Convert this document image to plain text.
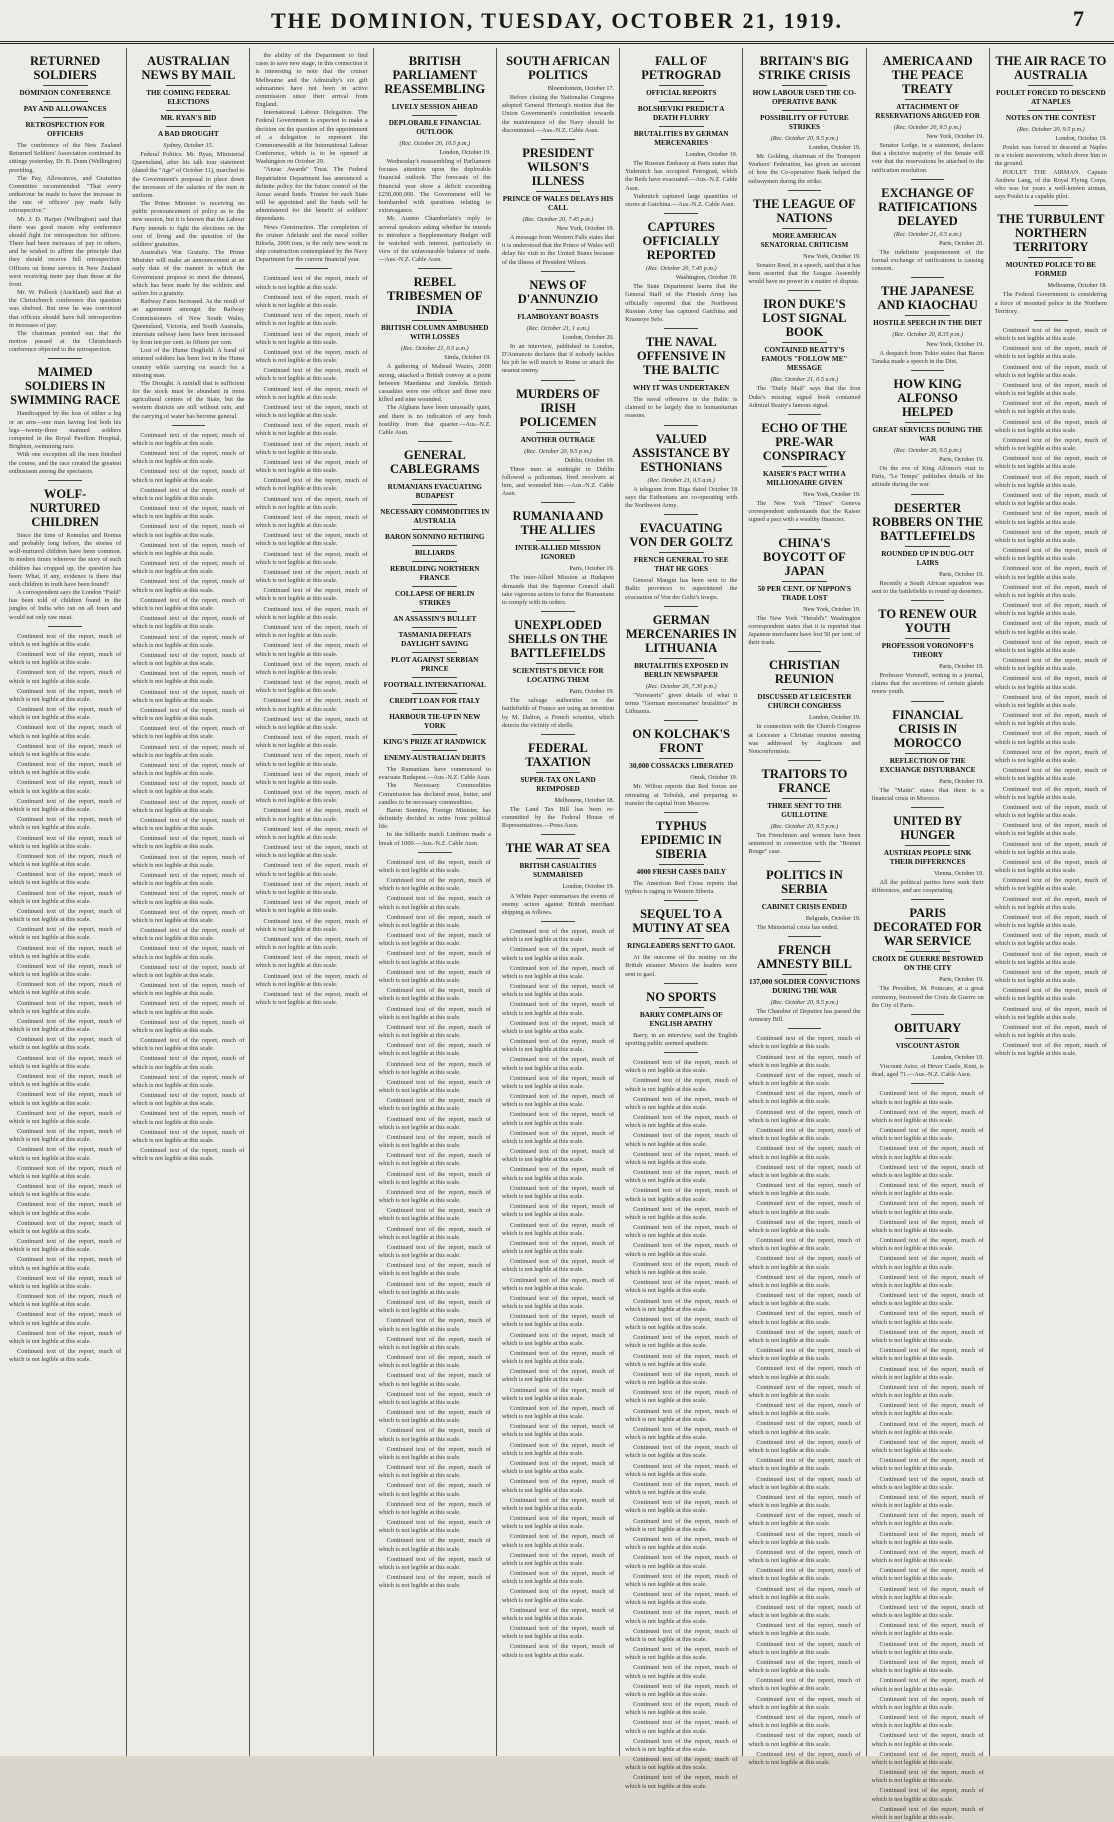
THE DOMINION, TUESDAY, OCTOBER 21, 1919.	7
RETURNED SOLDIERS
DOMINION CONFERENCE
PAY AND ALLOWANCES
RETROSPECTION FOR OFFICERS
The conference of the New Zealand Returned Soldiers' Association continued its sittings yesterday, Dr. B. Dunn (Wellington) presiding.
The Pay, Allowances, and Gratuities Committee recommended: "That every endeavour be made to have the increase in the rate of officers' pay made fully retrospective."
Mr. J. D. Harper (Wellington) said that there was good reason why conference should fight for retrospection for officers. There had been increases of pay to others, and he wished to affirm the principle that they should receive full retrospection. Officers on home service in New Zealand were receiving more pay than those at the front.
Mr. W. Pollock (Auckland) said that at the Christchurch conference this question was shelved. But now he was convinced that officers should have full retrospection in increases of pay.
The chairman pointed out that the motion passed at the Christchurch conference objected to the retrospection.
MAIMED SOLDIERS IN SWIMMING RACE
Handicapped by the loss of either a leg or an arm—one man having lost both his legs—twenty-three maimed soldiers competed in the Royal Pavilion Hospital, Brighton, swimming race.
With one exception all the men finished the course, and the race created the greatest enthusiasm among the spectators.
WOLF-NURTURED CHILDREN
Since the time of Romulus and Remus and probably long before, the stories of wolf-nurtured children have been common. In modern times wherever the story of such children has cropped up, the question has been: What, if any, evidence is there that such children in truth have been found?
A correspondent says the London "Field" has been told of children found in the jungles of India who ran on all fours and would eat only raw meat.
Continued text of the report, much of which is not legible at this scale.
Continued text of the report, much of which is not legible at this scale.
Continued text of the report, much of which is not legible at this scale.
Continued text of the report, much of which is not legible at this scale.
Continued text of the report, much of which is not legible at this scale.
Continued text of the report, much of which is not legible at this scale.
Continued text of the report, much of which is not legible at this scale.
Continued text of the report, much of which is not legible at this scale.
Continued text of the report, much of which is not legible at this scale.
Continued text of the report, much of which is not legible at this scale.
Continued text of the report, much of which is not legible at this scale.
Continued text of the report, much of which is not legible at this scale.
Continued text of the report, much of which is not legible at this scale.
Continued text of the report, much of which is not legible at this scale.
Continued text of the report, much of which is not legible at this scale.
Continued text of the report, much of which is not legible at this scale.
Continued text of the report, much of which is not legible at this scale.
Continued text of the report, much of which is not legible at this scale.
Continued text of the report, much of which is not legible at this scale.
Continued text of the report, much of which is not legible at this scale.
Continued text of the report, much of which is not legible at this scale.
Continued text of the report, much of which is not legible at this scale.
Continued text of the report, much of which is not legible at this scale.
Continued text of the report, much of which is not legible at this scale.
Continued text of the report, much of which is not legible at this scale.
Continued text of the report, much of which is not legible at this scale.
Continued text of the report, much of which is not legible at this scale.
Continued text of the report, much of which is not legible at this scale.
Continued text of the report, much of which is not legible at this scale.
Continued text of the report, much of which is not legible at this scale.
Continued text of the report, much of which is not legible at this scale.
Continued text of the report, much of which is not legible at this scale.
Continued text of the report, much of which is not legible at this scale.
Continued text of the report, much of which is not legible at this scale.
Continued text of the report, much of which is not legible at this scale.
Continued text of the report, much of which is not legible at this scale.
Continued text of the report, much of which is not legible at this scale.
Continued text of the report, much of which is not legible at this scale.
Continued text of the report, much of which is not legible at this scale.
Continued text of the report, much of which is not legible at this scale.
AUSTRALIAN NEWS BY MAIL
THE COMING FEDERAL ELECTIONS
MR. RYAN'S BID
A BAD DROUGHT
Sydney, October 15.
Federal Politics. Mr. Ryan, Ministerial Queensland, after his talk tour statement (dated the "Age" of October 11), marched to the Government's proposal to place down the increases of the salaries of the men in uniform.
The Prime Minister is receiving no public pronouncement of policy as to the new session, but it is known that the Labour Party intends to fight the elections on the cost of living and the question of the soldiers' gratuities.
Australia's War Gratuity. The Prime Minister will make an announcement at an early date of the manner in which the Government propose to meet the demand, which has been made by the soldiers and sailors for a gratuity.
Railway Fares Increased. As the result of an agreement amongst the Railway Commissioners of New South Wales, Queensland, Victoria, and South Australia, interstate railway fares have been increased by from ten per cent. to fifteen per cent.
Lost of the Hume Dogfield. A band of returned soldiers has been lost in the Hume country while carrying on search for a missing man.
The Drought. A rainfall that is sufficient for the stock must be abundant in most agricultural centres of the State, but the western districts are still without rain, and the carrying of water has become general.
Continued text of the report, much of which is not legible at this scale.
Continued text of the report, much of which is not legible at this scale.
Continued text of the report, much of which is not legible at this scale.
Continued text of the report, much of which is not legible at this scale.
Continued text of the report, much of which is not legible at this scale.
Continued text of the report, much of which is not legible at this scale.
Continued text of the report, much of which is not legible at this scale.
Continued text of the report, much of which is not legible at this scale.
Continued text of the report, much of which is not legible at this scale.
Continued text of the report, much of which is not legible at this scale.
Continued text of the report, much of which is not legible at this scale.
Continued text of the report, much of which is not legible at this scale.
Continued text of the report, much of which is not legible at this scale.
Continued text of the report, much of which is not legible at this scale.
Continued text of the report, much of which is not legible at this scale.
Continued text of the report, much of which is not legible at this scale.
Continued text of the report, much of which is not legible at this scale.
Continued text of the report, much of which is not legible at this scale.
Continued text of the report, much of which is not legible at this scale.
Continued text of the report, much of which is not legible at this scale.
Continued text of the report, much of which is not legible at this scale.
Continued text of the report, much of which is not legible at this scale.
Continued text of the report, much of which is not legible at this scale.
Continued text of the report, much of which is not legible at this scale.
Continued text of the report, much of which is not legible at this scale.
Continued text of the report, much of which is not legible at this scale.
Continued text of the report, much of which is not legible at this scale.
Continued text of the report, much of which is not legible at this scale.
Continued text of the report, much of which is not legible at this scale.
Continued text of the report, much of which is not legible at this scale.
Continued text of the report, much of which is not legible at this scale.
Continued text of the report, much of which is not legible at this scale.
Continued text of the report, much of which is not legible at this scale.
Continued text of the report, much of which is not legible at this scale.
Continued text of the report, much of which is not legible at this scale.
Continued text of the report, much of which is not legible at this scale.
Continued text of the report, much of which is not legible at this scale.
Continued text of the report, much of which is not legible at this scale.
Continued text of the report, much of which is not legible at this scale.
Continued text of the report, much of which is not legible at this scale.
the ability of the Department to find cases to save new stage, in this connection it is interesting to note that the cruiser Melbourne and the Admiralty's six gift submarines have not been in active commission since their arrival from England.
International Labour Delegation. The Federal Government is expected to make a decision on the question of the appointment of a delegation to represent the Commonwealth at the International Labour Conference, which is to be opened at Washington on October 29.
"Anzac Awards" Trust. The Federal Repatriation Department has announced a definite policy for the future control of the Anzac award funds. Trustee for each State will be appointed and the funds will be administered for the benefit of soldiers' dependants.
News Construction. The completion of the cruiser Adelaide and the naval collier Biloela, 2000 tons, is the only new work in ship construction contemplated by the Navy Department for the current financial year.
Continued text of the report, much of which is not legible at this scale.
Continued text of the report, much of which is not legible at this scale.
Continued text of the report, much of which is not legible at this scale.
Continued text of the report, much of which is not legible at this scale.
Continued text of the report, much of which is not legible at this scale.
Continued text of the report, much of which is not legible at this scale.
Continued text of the report, much of which is not legible at this scale.
Continued text of the report, much of which is not legible at this scale.
Continued text of the report, much of which is not legible at this scale.
Continued text of the report, much of which is not legible at this scale.
Continued text of the report, much of which is not legible at this scale.
Continued text of the report, much of which is not legible at this scale.
Continued text of the report, much of which is not legible at this scale.
Continued text of the report, much of which is not legible at this scale.
Continued text of the report, much of which is not legible at this scale.
Continued text of the report, much of which is not legible at this scale.
Continued text of the report, much of which is not legible at this scale.
Continued text of the report, much of which is not legible at this scale.
Continued text of the report, much of which is not legible at this scale.
Continued text of the report, much of which is not legible at this scale.
Continued text of the report, much of which is not legible at this scale.
Continued text of the report, much of which is not legible at this scale.
Continued text of the report, much of which is not legible at this scale.
Continued text of the report, much of which is not legible at this scale.
Continued text of the report, much of which is not legible at this scale.
Continued text of the report, much of which is not legible at this scale.
Continued text of the report, much of which is not legible at this scale.
Continued text of the report, much of which is not legible at this scale.
Continued text of the report, much of which is not legible at this scale.
Continued text of the report, much of which is not legible at this scale.
Continued text of the report, much of which is not legible at this scale.
Continued text of the report, much of which is not legible at this scale.
Continued text of the report, much of which is not legible at this scale.
Continued text of the report, much of which is not legible at this scale.
Continued text of the report, much of which is not legible at this scale.
Continued text of the report, much of which is not legible at this scale.
Continued text of the report, much of which is not legible at this scale.
Continued text of the report, much of which is not legible at this scale.
Continued text of the report, much of which is not legible at this scale.
Continued text of the report, much of which is not legible at this scale.
BRITISH PARLIAMENT REASSEMBLING
LIVELY SESSION AHEAD
DEPLORABLE FINANCIAL OUTLOOK
(Rec. October 20, 10.5 p.m.)
London, October 19.
Wednesday's reassembling of Parliament focuses attention upon the deplorable financial outlook. The forecasts of the financial year show a deficit exceeding £250,000,000. The Government will be bombarded with questions relating to extravagance.
Mr. Austen Chamberlain's reply to several speakers asking whether he intends to introduce a Supplementary Budget will be watched with interest, particularly in view of the unfavourable balance of trade.—Aus.-N.Z. Cable Assn.
REBEL TRIBESMEN OF INDIA
BRITISH COLUMN AMBUSHED WITH LOSSES
(Rec. October 21, 0.5 a.m.)
Simla, October 19.
A gathering of Mahsud Wazirs, 2000 strong, attacked a British convoy at a point between Mandanna and Jandola. British casualties were one officer and three men killed and nine wounded.
The Afghans have been unusually quiet, and there is no indication of any fresh hostility from that quarter.—Aus.-N.Z. Cable Assn.
GENERAL CABLEGRAMS
RUMANIANS EVACUATING BUDAPEST
NECESSARY COMMODITIES IN AUSTRALIA
BARON SONNINO RETIRING
BILLIARDS
REBUILDING NORTHERN FRANCE
COLLAPSE OF BERLIN STRIKES
AN ASSASSIN'S BULLET
TASMANIA DEFEATS DAYLIGHT SAVING
PLOT AGAINST SERBIAN PRINCE
FOOTBALL INTERNATIONAL
CREDIT LOAN FOR ITALY
HARBOUR TIE-UP IN NEW YORK
KING'S PRIZE AT RANDWICK
ENEMY-AUSTRALIAN DEBTS
The Rumanians have commenced to evacuate Budapest.—Aus.-N.Z. Cable Assn.
The Necessary Commodities Commission has declared meat, butter, and candles to be necessary commodities.
Baron Sonnino, Foreign Minister, has definitely decided to retire from political life.
In the billiards match Lindrum made a break of 1000.—Aus.-N.Z. Cable Assn.
Continued text of the report, much of which is not legible at this scale.
Continued text of the report, much of which is not legible at this scale.
Continued text of the report, much of which is not legible at this scale.
Continued text of the report, much of which is not legible at this scale.
Continued text of the report, much of which is not legible at this scale.
Continued text of the report, much of which is not legible at this scale.
Continued text of the report, much of which is not legible at this scale.
Continued text of the report, much of which is not legible at this scale.
Continued text of the report, much of which is not legible at this scale.
Continued text of the report, much of which is not legible at this scale.
Continued text of the report, much of which is not legible at this scale.
Continued text of the report, much of which is not legible at this scale.
Continued text of the report, much of which is not legible at this scale.
Continued text of the report, much of which is not legible at this scale.
Continued text of the report, much of which is not legible at this scale.
Continued text of the report, much of which is not legible at this scale.
Continued text of the report, much of which is not legible at this scale.
Continued text of the report, much of which is not legible at this scale.
Continued text of the report, much of which is not legible at this scale.
Continued text of the report, much of which is not legible at this scale.
Continued text of the report, much of which is not legible at this scale.
Continued text of the report, much of which is not legible at this scale.
Continued text of the report, much of which is not legible at this scale.
Continued text of the report, much of which is not legible at this scale.
Continued text of the report, much of which is not legible at this scale.
Continued text of the report, much of which is not legible at this scale.
Continued text of the report, much of which is not legible at this scale.
Continued text of the report, much of which is not legible at this scale.
Continued text of the report, much of which is not legible at this scale.
Continued text of the report, much of which is not legible at this scale.
Continued text of the report, much of which is not legible at this scale.
Continued text of the report, much of which is not legible at this scale.
Continued text of the report, much of which is not legible at this scale.
Continued text of the report, much of which is not legible at this scale.
Continued text of the report, much of which is not legible at this scale.
Continued text of the report, much of which is not legible at this scale.
Continued text of the report, much of which is not legible at this scale.
Continued text of the report, much of which is not legible at this scale.
Continued text of the report, much of which is not legible at this scale.
Continued text of the report, much of which is not legible at this scale.
SOUTH AFRICAN POLITICS
Bloemfontein, October 17.
Before closing the Nationalist Congress adopted General Hertzog's motion that the Union Government's contribution towards the maintenance of the Navy should be discontinued.—Aus.-N.Z. Cable Assn.
PRESIDENT WILSON'S ILLNESS
PRINCE OF WALES DELAYS HIS CALL
(Rec. October 20, 7.45 p.m.)
New York, October 19.
A message from Western Falls states that it is understood that the Prince of Wales will delay his visit to the United States because of the illness of President Wilson.
NEWS OF D'ANNUNZIO
FLAMBOYANT BOASTS
(Rec. October 21, 1 a.m.)
London, October 20.
In an interview, published in London, D'Annunzio declares that if nobody tackles his job he will march to Rome or attack the nearest enemy.
MURDERS OF IRISH POLICEMEN
ANOTHER OUTRAGE
(Rec. October 20, 9.5 p.m.)
Dublin, October 19.
Three men at midnight in Dublin followed a policeman, fired revolvers at him, and wounded him.—Aus.-N.Z. Cable Assn.
RUMANIA AND THE ALLIES
INTER-ALLIED MISSION IGNORED
Paris, October 19.
The inter-Allied Mission at Budapest demands that the Supreme Council shall take vigorous action to force the Rumanians to comply with its orders.
UNEXPLODED SHELLS ON THE BATTLEFIELDS
SCIENTIST'S DEVICE FOR LOCATING THEM
Paris, October 19.
The salvage authorities on the battlefields of France are using an invention by M. Dalton, a French scientist, which detects the vicinity of shells.
FEDERAL TAXATION
SUPER-TAX ON LAND REIMPOSED
Melbourne, October 18.
The Land Tax Bill has been re-committed by the Federal House of Representatives.—Press Assn.
THE WAR AT SEA
BRITISH CASUALTIES SUMMARISED
London, October 19.
A White Paper summarises the events of enemy action against British merchant shipping as follows.
Continued text of the report, much of which is not legible at this scale.
Continued text of the report, much of which is not legible at this scale.
Continued text of the report, much of which is not legible at this scale.
Continued text of the report, much of which is not legible at this scale.
Continued text of the report, much of which is not legible at this scale.
Continued text of the report, much of which is not legible at this scale.
Continued text of the report, much of which is not legible at this scale.
Continued text of the report, much of which is not legible at this scale.
Continued text of the report, much of which is not legible at this scale.
Continued text of the report, much of which is not legible at this scale.
Continued text of the report, much of which is not legible at this scale.
Continued text of the report, much of which is not legible at this scale.
Continued text of the report, much of which is not legible at this scale.
Continued text of the report, much of which is not legible at this scale.
Continued text of the report, much of which is not legible at this scale.
Continued text of the report, much of which is not legible at this scale.
Continued text of the report, much of which is not legible at this scale.
Continued text of the report, much of which is not legible at this scale.
Continued text of the report, much of which is not legible at this scale.
Continued text of the report, much of which is not legible at this scale.
Continued text of the report, much of which is not legible at this scale.
Continued text of the report, much of which is not legible at this scale.
Continued text of the report, much of which is not legible at this scale.
Continued text of the report, much of which is not legible at this scale.
Continued text of the report, much of which is not legible at this scale.
Continued text of the report, much of which is not legible at this scale.
Continued text of the report, much of which is not legible at this scale.
Continued text of the report, much of which is not legible at this scale.
Continued text of the report, much of which is not legible at this scale.
Continued text of the report, much of which is not legible at this scale.
Continued text of the report, much of which is not legible at this scale.
Continued text of the report, much of which is not legible at this scale.
Continued text of the report, much of which is not legible at this scale.
Continued text of the report, much of which is not legible at this scale.
Continued text of the report, much of which is not legible at this scale.
Continued text of the report, much of which is not legible at this scale.
Continued text of the report, much of which is not legible at this scale.
Continued text of the report, much of which is not legible at this scale.
Continued text of the report, much of which is not legible at this scale.
Continued text of the report, much of which is not legible at this scale.
FALL OF PETROGRAD
OFFICIAL REPORTS
BOLSHEVIKI PREDICT A DEATH FLURRY
BRUTALITIES BY GERMAN MERCENARIES
London, October 19.
The Russian Embassy at Paris states that Yudenitch has occupied Petrograd, which the Reds have evacuated.—Aus.-N.Z. Cable Assn.
Yudenitch captured large quantities of stores at Gatchina.—Aus.-N.Z. Cable Assn.
CAPTURES OFFICIALLY REPORTED
(Rec. October 20, 7.45 p.m.)
Washington, October 19.
The State Department learns that the General Staff of the Finnish Army has officially reported that the Northwest Russian Army has captured Gatchina and Krasnoye Selo.
THE NAVAL OFFENSIVE IN THE BALTIC
WHY IT WAS UNDERTAKEN
The naval offensive in the Baltic is claimed to be largely due to humanitarian reasons.
VALUED ASSISTANCE BY ESTHONIANS
(Rec. October 21, 0.5 a.m.)
A telegram from Riga dated October 18 says the Esthonians are co-operating with the Northwest Army.
EVACUATING VON DER GOLTZ
FRENCH GENERAL TO SEE THAT HE GOES
General Mangin has been sent to the Baltic provinces to superintend the evacuation of Von der Goltz's troops.
GERMAN MERCENARIES IN LITHUANIA
BRUTALITIES EXPOSED IN BERLIN NEWSPAPER
(Rec. October 20, 7.30 p.m.)
"Vorwaerts" gives details of what it terms "German mercenaries' brutalities" in Lithuania.
ON KOLCHAK'S FRONT
30,000 COSSACKS LIBERATED
Omsk, October 19.
Mr. Wilton reports that Red forces are retreating at Tobolsk, and preparing to transfer the capital from Moscow.
TYPHUS EPIDEMIC IN SIBERIA
4000 FRESH CASES DAILY
The American Red Cross reports that typhus is raging in Western Siberia.
SEQUEL TO A MUTINY AT SEA
RINGLEADERS SENT TO GAOL
At the outcome of the mutiny on the British steamer Mexico the leaders were sent to gaol.
NO SPORTS
BARRY COMPLAINS OF ENGLISH APATHY
Barry, in an interview, said the English sporting public seemed apathetic.
Continued text of the report, much of which is not legible at this scale.
Continued text of the report, much of which is not legible at this scale.
Continued text of the report, much of which is not legible at this scale.
Continued text of the report, much of which is not legible at this scale.
Continued text of the report, much of which is not legible at this scale.
Continued text of the report, much of which is not legible at this scale.
Continued text of the report, much of which is not legible at this scale.
Continued text of the report, much of which is not legible at this scale.
Continued text of the report, much of which is not legible at this scale.
Continued text of the report, much of which is not legible at this scale.
Continued text of the report, much of which is not legible at this scale.
Continued text of the report, much of which is not legible at this scale.
Continued text of the report, much of which is not legible at this scale.
Continued text of the report, much of which is not legible at this scale.
Continued text of the report, much of which is not legible at this scale.
Continued text of the report, much of which is not legible at this scale.
Continued text of the report, much of which is not legible at this scale.
Continued text of the report, much of which is not legible at this scale.
Continued text of the report, much of which is not legible at this scale.
Continued text of the report, much of which is not legible at this scale.
Continued text of the report, much of which is not legible at this scale.
Continued text of the report, much of which is not legible at this scale.
Continued text of the report, much of which is not legible at this scale.
Continued text of the report, much of which is not legible at this scale.
Continued text of the report, much of which is not legible at this scale.
Continued text of the report, much of which is not legible at this scale.
Continued text of the report, much of which is not legible at this scale.
Continued text of the report, much of which is not legible at this scale.
Continued text of the report, much of which is not legible at this scale.
Continued text of the report, much of which is not legible at this scale.
Continued text of the report, much of which is not legible at this scale.
Continued text of the report, much of which is not legible at this scale.
Continued text of the report, much of which is not legible at this scale.
Continued text of the report, much of which is not legible at this scale.
Continued text of the report, much of which is not legible at this scale.
Continued text of the report, much of which is not legible at this scale.
Continued text of the report, much of which is not legible at this scale.
Continued text of the report, much of which is not legible at this scale.
Continued text of the report, much of which is not legible at this scale.
Continued text of the report, much of which is not legible at this scale.
BRITAIN'S BIG STRIKE CRISIS
HOW LABOUR USED THE CO-OPERATIVE BANK
POSSIBILITY OF FUTURE STRIKES
(Rec. October 20, 9.5 p.m.)
London, October 19.
Mr. Golding, chairman of the Transport Workers' Federation, has given an account of how the Co-operative Bank helped the railwaymen during the strike.
THE LEAGUE OF NATIONS
MORE AMERICAN SENATORIAL CRITICISM
New York, October 19.
Senator Reed, in a speech, said that it has been asserted that the League Assembly would have no power in a matter of dispute.
IRON DUKE'S LOST SIGNAL BOOK
CONTAINED BEATTY'S FAMOUS "FOLLOW ME" MESSAGE
(Rec. October 21, 0.5 a.m.)
The "Daily Mail" says that the Iron Duke's missing signal book contained Admiral Beatty's famous signal.
ECHO OF THE PRE-WAR CONSPIRACY
KAISER'S PACT WITH A MILLIONAIRE GIVEN
New York, October 19.
The New York "Times" Geneva correspondent understands that the Kaiser signed a pact with a wealthy financier.
CHINA'S BOYCOTT OF JAPAN
50 PER CENT. OF NIPPON'S TRADE LOST
New York, October 19.
The New York "Herald's" Washington correspondent states that it is reported that Japanese merchants have lost 50 per cent. of their trade.
CHRISTIAN REUNION
DISCUSSED AT LEICESTER CHURCH CONGRESS
London, October 19.
In connection with the Church Congress at Leicester a Christian reunion meeting was addressed by Anglicans and Nonconformists.
TRAITORS TO FRANCE
THREE SENT TO THE GUILLOTINE
(Rec. October 20, 9.5 p.m.)
Ten Frenchmen and women have been sentenced in connection with the "Bonnet Rouge" case.
POLITICS IN SERBIA
CABINET CRISIS ENDED
Belgrade, October 19.
The Ministerial crisis has ended.
FRENCH AMNESTY BILL
137,000 SOLDIER CONVICTIONS DURING THE WAR
(Rec. October 20, 9.5 p.m.)
The Chamber of Deputies has passed the Amnesty Bill.
Continued text of the report, much of which is not legible at this scale.
Continued text of the report, much of which is not legible at this scale.
Continued text of the report, much of which is not legible at this scale.
Continued text of the report, much of which is not legible at this scale.
Continued text of the report, much of which is not legible at this scale.
Continued text of the report, much of which is not legible at this scale.
Continued text of the report, much of which is not legible at this scale.
Continued text of the report, much of which is not legible at this scale.
Continued text of the report, much of which is not legible at this scale.
Continued text of the report, much of which is not legible at this scale.
Continued text of the report, much of which is not legible at this scale.
Continued text of the report, much of which is not legible at this scale.
Continued text of the report, much of which is not legible at this scale.
Continued text of the report, much of which is not legible at this scale.
Continued text of the report, much of which is not legible at this scale.
Continued text of the report, much of which is not legible at this scale.
Continued text of the report, much of which is not legible at this scale.
Continued text of the report, much of which is not legible at this scale.
Continued text of the report, much of which is not legible at this scale.
Continued text of the report, much of which is not legible at this scale.
Continued text of the report, much of which is not legible at this scale.
Continued text of the report, much of which is not legible at this scale.
Continued text of the report, much of which is not legible at this scale.
Continued text of the report, much of which is not legible at this scale.
Continued text of the report, much of which is not legible at this scale.
Continued text of the report, much of which is not legible at this scale.
Continued text of the report, much of which is not legible at this scale.
Continued text of the report, much of which is not legible at this scale.
Continued text of the report, much of which is not legible at this scale.
Continued text of the report, much of which is not legible at this scale.
Continued text of the report, much of which is not legible at this scale.
Continued text of the report, much of which is not legible at this scale.
Continued text of the report, much of which is not legible at this scale.
Continued text of the report, much of which is not legible at this scale.
Continued text of the report, much of which is not legible at this scale.
Continued text of the report, much of which is not legible at this scale.
Continued text of the report, much of which is not legible at this scale.
Continued text of the report, much of which is not legible at this scale.
Continued text of the report, much of which is not legible at this scale.
Continued text of the report, much of which is not legible at this scale.
AMERICA AND THE PEACE TREATY
ATTACHMENT OF RESERVATIONS ARGUED FOR
(Rec. October 20, 9.5 p.m.)
New York, October 19.
Senator Lodge, in a statement, declares that a decisive majority of the Senate will vote that the reservations be attached to the ratification resolution.
EXCHANGE OF RATIFICATIONS DELAYED
(Rec. October 21, 0.5 a.m.)
Paris, October 20.
The indefinite postponement of the formal exchange of ratifications is causing concern.
THE JAPANESE AND KIAOCHAU
HOSTILE SPEECH IN THE DIET
(Rec. October 20, 8.35 p.m.)
New York, October 19.
A despatch from Tokio states that Baron Tanaka made a speech in the Diet.
HOW KING ALFONSO HELPED
GREAT SERVICES DURING THE WAR
(Rec. October 20, 9.5 p.m.)
Paris, October 19.
On the eve of King Alfonso's visit to Paris, "Le Temps" publishes details of his attitude during the war.
DESERTER ROBBERS ON THE BATTLEFIELDS
ROUNDED UP IN DUG-OUT LAIRS
Paris, October 19.
Recently a South African squadron was sent to the battlefields to round up deserters.
TO RENEW OUR YOUTH
PROFESSOR VORONOFF'S THEORY
Paris, October 19.
Professor Voronoff, writing in a journal, claims that the secretions of certain glands renew youth.
FINANCIAL CRISIS IN MOROCCO
REFLECTION OF THE EXCHANGE DISTURBANCE
Paris, October 19.
The "Matin" states that there is a financial crisis in Morocco.
UNITED BY HUNGER
AUSTRIAN PEOPLE SINK THEIR DIFFERENCES
Vienna, October 19.
All the political parties have sunk their differences, and are cooperating.
PARIS DECORATED FOR WAR SERVICE
CROIX DE GUERRE BESTOWED ON THE CITY
Paris, October 19.
The President, M. Poincare, at a great ceremony, bestowed the Croix de Guerre on the City of Paris.
OBITUARY
VISCOUNT ASTOR
London, October 19.
Viscount Astor, of Hever Castle, Kent, is dead, aged 71.—Aus.-N.Z. Cable Assn.
Continued text of the report, much of which is not legible at this scale.
Continued text of the report, much of which is not legible at this scale.
Continued text of the report, much of which is not legible at this scale.
Continued text of the report, much of which is not legible at this scale.
Continued text of the report, much of which is not legible at this scale.
Continued text of the report, much of which is not legible at this scale.
Continued text of the report, much of which is not legible at this scale.
Continued text of the report, much of which is not legible at this scale.
Continued text of the report, much of which is not legible at this scale.
Continued text of the report, much of which is not legible at this scale.
Continued text of the report, much of which is not legible at this scale.
Continued text of the report, much of which is not legible at this scale.
Continued text of the report, much of which is not legible at this scale.
Continued text of the report, much of which is not legible at this scale.
Continued text of the report, much of which is not legible at this scale.
Continued text of the report, much of which is not legible at this scale.
Continued text of the report, much of which is not legible at this scale.
Continued text of the report, much of which is not legible at this scale.
Continued text of the report, much of which is not legible at this scale.
Continued text of the report, much of which is not legible at this scale.
Continued text of the report, much of which is not legible at this scale.
Continued text of the report, much of which is not legible at this scale.
Continued text of the report, much of which is not legible at this scale.
Continued text of the report, much of which is not legible at this scale.
Continued text of the report, much of which is not legible at this scale.
Continued text of the report, much of which is not legible at this scale.
Continued text of the report, much of which is not legible at this scale.
Continued text of the report, much of which is not legible at this scale.
Continued text of the report, much of which is not legible at this scale.
Continued text of the report, much of which is not legible at this scale.
Continued text of the report, much of which is not legible at this scale.
Continued text of the report, much of which is not legible at this scale.
Continued text of the report, much of which is not legible at this scale.
Continued text of the report, much of which is not legible at this scale.
Continued text of the report, much of which is not legible at this scale.
Continued text of the report, much of which is not legible at this scale.
Continued text of the report, much of which is not legible at this scale.
Continued text of the report, much of which is not legible at this scale.
Continued text of the report, much of which is not legible at this scale.
Continued text of the report, much of which is not legible at this scale.
THE AIR RACE TO AUSTRALIA
POULET FORCED TO DESCEND AT NAPLES
NOTES ON THE CONTEST
(Rec. October 20, 9.5 p.m.)
London, October 19.
Poulet was forced to descend at Naples in a violent snowstorm, which drove him to the ground.
POULET THE AIRMAN. Captain Andrew Lang, of the Royal Flying Corps, who was for years a well-known airman, says Poulet is a capable pilot.
THE TURBULENT NORTHERN TERRITORY
MOUNTED POLICE TO BE FORMED
Melbourne, October 18.
The Federal Government is considering a force of mounted police in the Northern Territory.
Continued text of the report, much of which is not legible at this scale.
Continued text of the report, much of which is not legible at this scale.
Continued text of the report, much of which is not legible at this scale.
Continued text of the report, much of which is not legible at this scale.
Continued text of the report, much of which is not legible at this scale.
Continued text of the report, much of which is not legible at this scale.
Continued text of the report, much of which is not legible at this scale.
Continued text of the report, much of which is not legible at this scale.
Continued text of the report, much of which is not legible at this scale.
Continued text of the report, much of which is not legible at this scale.
Continued text of the report, much of which is not legible at this scale.
Continued text of the report, much of which is not legible at this scale.
Continued text of the report, much of which is not legible at this scale.
Continued text of the report, much of which is not legible at this scale.
Continued text of the report, much of which is not legible at this scale.
Continued text of the report, much of which is not legible at this scale.
Continued text of the report, much of which is not legible at this scale.
Continued text of the report, much of which is not legible at this scale.
Continued text of the report, much of which is not legible at this scale.
Continued text of the report, much of which is not legible at this scale.
Continued text of the report, much of which is not legible at this scale.
Continued text of the report, much of which is not legible at this scale.
Continued text of the report, much of which is not legible at this scale.
Continued text of the report, much of which is not legible at this scale.
Continued text of the report, much of which is not legible at this scale.
Continued text of the report, much of which is not legible at this scale.
Continued text of the report, much of which is not legible at this scale.
Continued text of the report, much of which is not legible at this scale.
Continued text of the report, much of which is not legible at this scale.
Continued text of the report, much of which is not legible at this scale.
Continued text of the report, much of which is not legible at this scale.
Continued text of the report, much of which is not legible at this scale.
Continued text of the report, much of which is not legible at this scale.
Continued text of the report, much of which is not legible at this scale.
Continued text of the report, much of which is not legible at this scale.
Continued text of the report, much of which is not legible at this scale.
Continued text of the report, much of which is not legible at this scale.
Continued text of the report, much of which is not legible at this scale.
Continued text of the report, much of which is not legible at this scale.
Continued text of the report, much of which is not legible at this scale.
